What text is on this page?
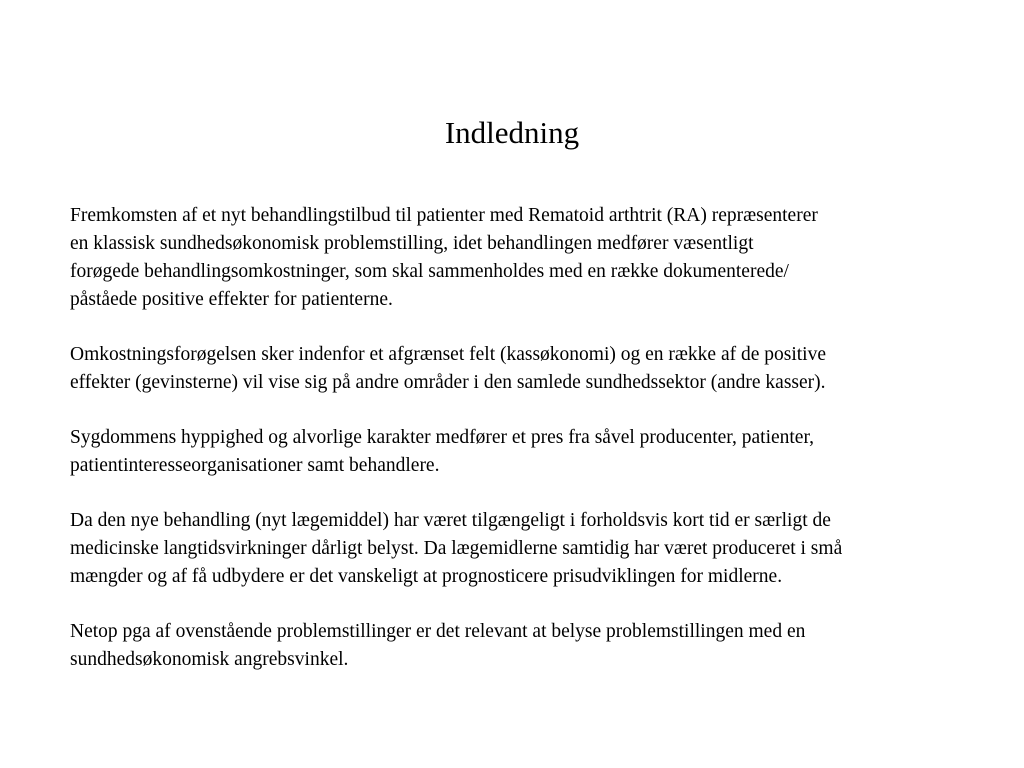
Indledning

Fremkomsten af et nyt behandlingstilbud til patienter med Rematoid arthtrit (RA) repræsenterer
en klassisk sundhedsøkonomisk problemstilling, idet behandlingen medfører væsentligt
forøgede behandlingsomkostninger, som skal sammenholdes med en række dokumenterede/
påståede positive effekter for patienterne.

Omkostningsforøgelsen sker indenfor et afgrænset felt (kassøkonomi) og en række af de positive
effekter (gevinsterne) vil vise sig på andre områder i den samlede sundhedssektor (andre kasser).

Sygdommens hyppighed og alvorlige karakter medfører et pres fra såvel producenter, patienter,
patientinteresseorganisationer samt behandlere.

Da den nye behandling (nyt lægemiddel) har været tilgængeligt i forholdsvis kort tid er særligt de
medicinske langtidsvirkninger dårligt belyst. Da lægemidlerne samtidig har været produceret i små
mængder og af få udbydere er det vanskeligt at prognosticere prisudviklingen for midlerne.

Netop pga af ovenstående problemstillinger er det relevant at belyse problemstillingen med en
sundhedsøkonomisk angrebsvinkel.
